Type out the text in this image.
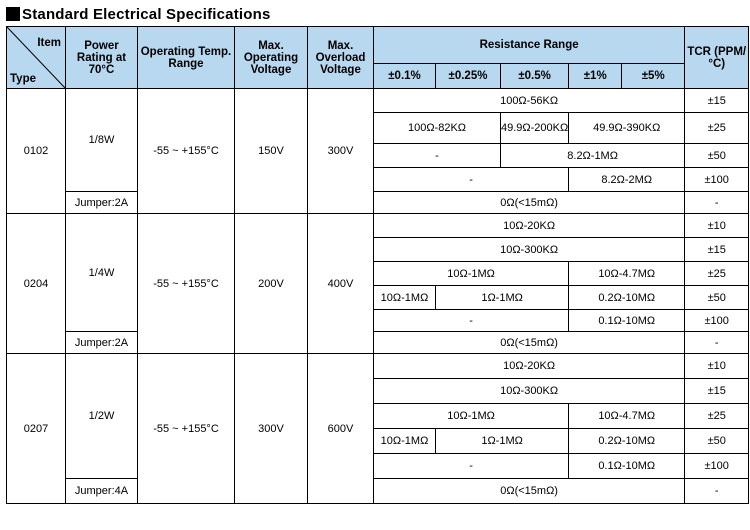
Standard Electrical Specifications
Item
Type	Power Rating at 70°C	Operating Temp. Range	Max. Operating Voltage	Max. Overload Voltage	Resistance Range					TCR (PPM/°C)
					±0.1%	±0.25%	±0.5%	±1%	±5%	
0102	1/8W	-55 ~ +155°C	150V	300V	100Ω-56KΩ					±15
					100Ω-82KΩ		49.9Ω-200KΩ	49.9Ω-390KΩ		±25
					-		8.2Ω-1MΩ			±50
					-			8.2Ω-2MΩ		±100
	Jumper:2A				0Ω(<15mΩ)					-
0204	1/4W	-55 ~ +155°C	200V	400V	10Ω-20KΩ					±10
					10Ω-300KΩ					±15
					10Ω-1MΩ			10Ω-4.7MΩ		±25
					10Ω-1MΩ	1Ω-1MΩ		0.2Ω-10MΩ		±50
					-			0.1Ω-10MΩ		±100
	Jumper:2A				0Ω(<15mΩ)					-
0207	1/2W	-55 ~ +155°C	300V	600V	10Ω-20KΩ					±10
					10Ω-300KΩ					±15
					10Ω-1MΩ			10Ω-4.7MΩ		±25
					10Ω-1MΩ	1Ω-1MΩ		0.2Ω-10MΩ		±50
					-			0.1Ω-10MΩ		±100
	Jumper:4A				0Ω(<15mΩ)					-
